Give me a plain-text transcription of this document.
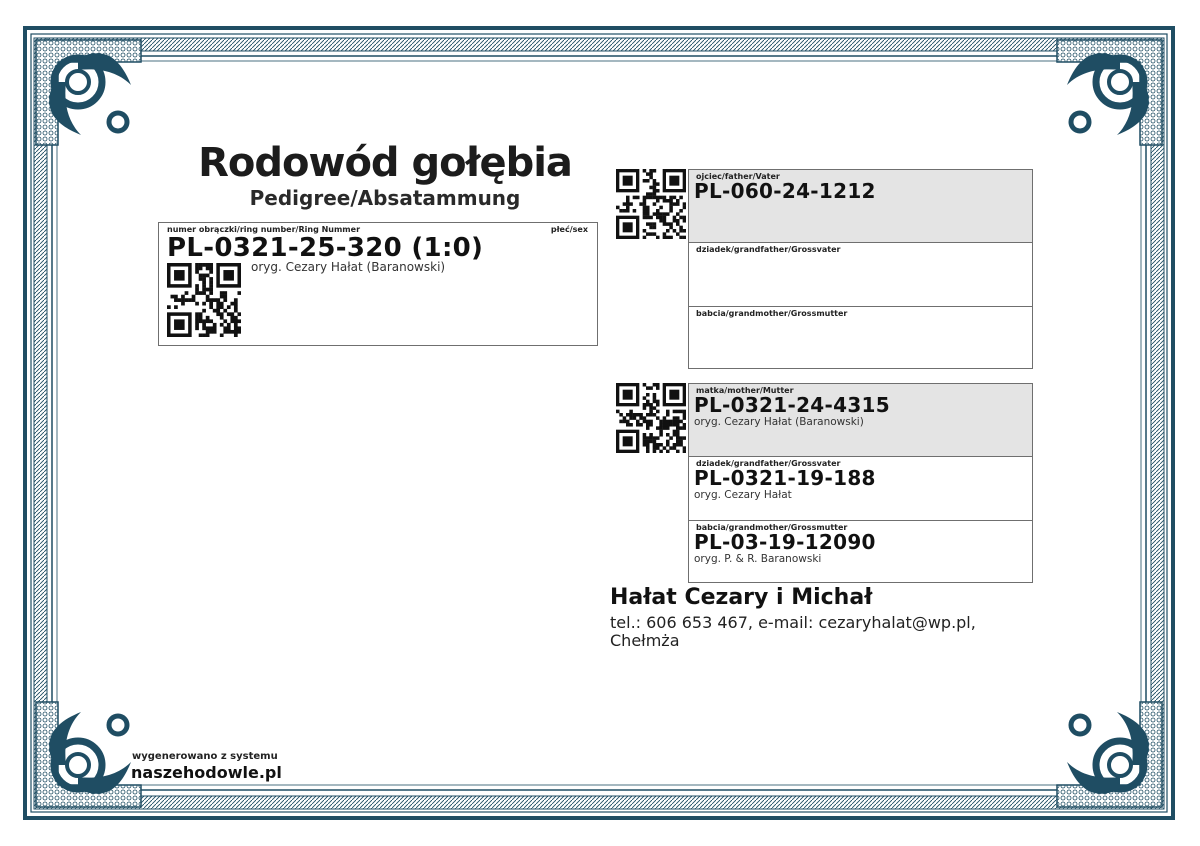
Rodowód gołębia
Pedigree/Absatammung
numer obrączki/ring number/Ring Nummer	płeć/sex
PL-0321-25-320 (1:0)
oryg. Cezary Hałat (Baranowski)
ojciec/father/Vater
PL-060-24-1212
dziadek/grandfather/Grossvater
babcia/grandmother/Grossmutter
matka/mother/Mutter
PL-0321-24-4315
oryg. Cezary Hałat (Baranowski)
dziadek/grandfather/Grossvater
PL-0321-19-188
oryg. Cezary Hałat
babcia/grandmother/Grossmutter
PL-03-19-12090
oryg. P. & R. Baranowski
Hałat Cezary i Michał
tel.: 606 653 467, e-mail: cezaryhalat@wp.pl, Chełmża
wygenerowano z systemu
naszehodowle.pl
